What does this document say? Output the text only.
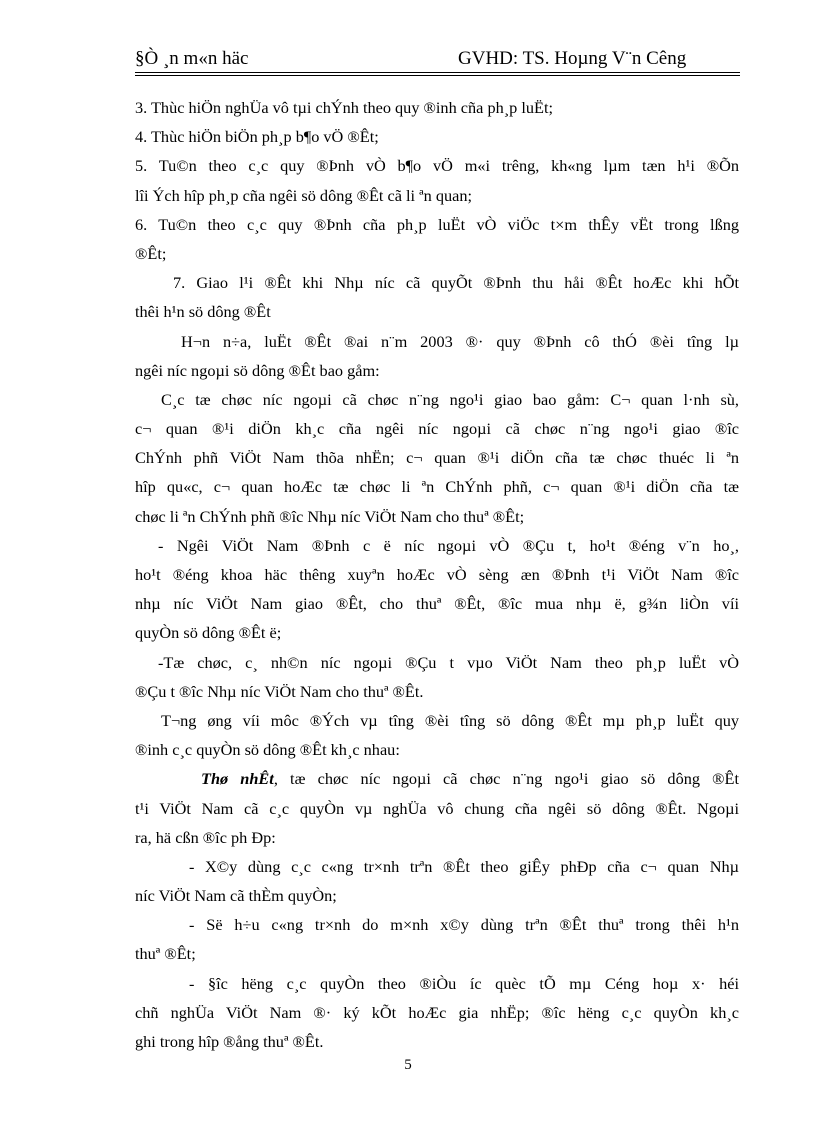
§Ò ¸n m«n häc	GVHD: TS. Hoµng V¨n Cêng
3. Thùc hiÖn nghÜa vô tµi chÝnh theo quy ®inh cña ph¸p luËt;
4. Thùc hiÖn biÖn ph¸p b¶o vÖ ®Êt;
5. Tu©n theo c¸c quy ®Þnh vÒ b¶o vÖ m«i trêng, kh«ng lµm tæn h¹i ®Õn
lîi Ých hîp ph¸p cña ngêi sö dông ®Êt cã li ªn quan;
6. Tu©n theo c¸c quy ®Þnh cña ph¸p luËt vÒ viÖc t×m thÊy vËt trong lßng
®Êt;
7. Giao l¹i ®Êt khi Nhµ níc cã quyÕt ®Þnh thu håi ®Êt hoÆc khi hÕt
thêi h¹n sö dông ®Êt
H¬n n÷a, luËt ®Êt ®ai n¨m 2003 ®· quy ®Þnh cô thÓ ®èi tîng lµ
ngêi níc ngoµi sö dông ®Êt bao gåm:
C¸c tæ chøc níc ngoµi cã chøc n¨ng ngo¹i giao bao gåm: C¬ quan l·nh sù,
c¬ quan ®¹i diÖn kh¸c cña ngêi níc ngoµi cã chøc n¨ng ngo¹i giao ®îc
ChÝnh phñ ViÖt Nam thõa nhËn; c¬ quan ®¹i diÖn cña tæ chøc thuéc li ªn
hîp qu«c, c¬ quan hoÆc tæ chøc li ªn ChÝnh phñ, c¬ quan ®¹i diÖn cña tæ
chøc li ªn ChÝnh phñ ®îc Nhµ níc ViÖt Nam cho thuª ®Êt;
- Ngêi ViÖt Nam ®Þnh c ë níc ngoµi vÒ ®Çu t, ho¹t ®éng v¨n ho¸,
ho¹t ®éng khoa häc thêng xuyªn hoÆc vÒ sèng æn ®Þnh t¹i ViÖt Nam ®îc
nhµ níc ViÖt Nam giao ®Êt, cho thuª ®Êt, ®îc mua nhµ ë, g¾n liÒn víi
quyÒn sö dông ®Êt ë;
-Tæ chøc, c¸ nh©n níc ngoµi ®Çu t vµo ViÖt Nam theo ph¸p luËt vÒ
®Çu t ®îc Nhµ níc ViÖt Nam cho thuª ®Êt.
T¬ng øng víi môc ®Ých vµ tîng ®èi tîng sö dông ®Êt mµ ph¸p luËt quy
®inh c¸c quyÒn sö dông ®Êt kh¸c nhau:
Thø nhÊt, tæ chøc níc ngoµi cã chøc n¨ng ngo¹i giao sö dông ®Êt
t¹i ViÖt Nam cã c¸c quyÒn vµ nghÜa vô chung cña ngêi sö dông ®Êt. Ngoµi
ra, hä cßn ®îc ph Ðp:
- X©y dùng c¸c c«ng tr×nh trªn ®Êt theo giÊy phÐp cña c¬ quan Nhµ
níc ViÖt Nam cã thÈm quyÒn;
- Së h÷u c«ng tr×nh do m×nh x©y dùng trªn ®Êt thuª trong thêi h¹n
thuª ®Êt;
- §îc hëng c¸c quyÒn theo ®iÒu íc quèc tÕ mµ Céng hoµ x· héi
chñ nghÜa ViÖt Nam ®· ký kÕt hoÆc gia nhËp; ®îc hëng c¸c quyÒn kh¸c
ghi trong hîp ®ång thuª ®Êt.
5
